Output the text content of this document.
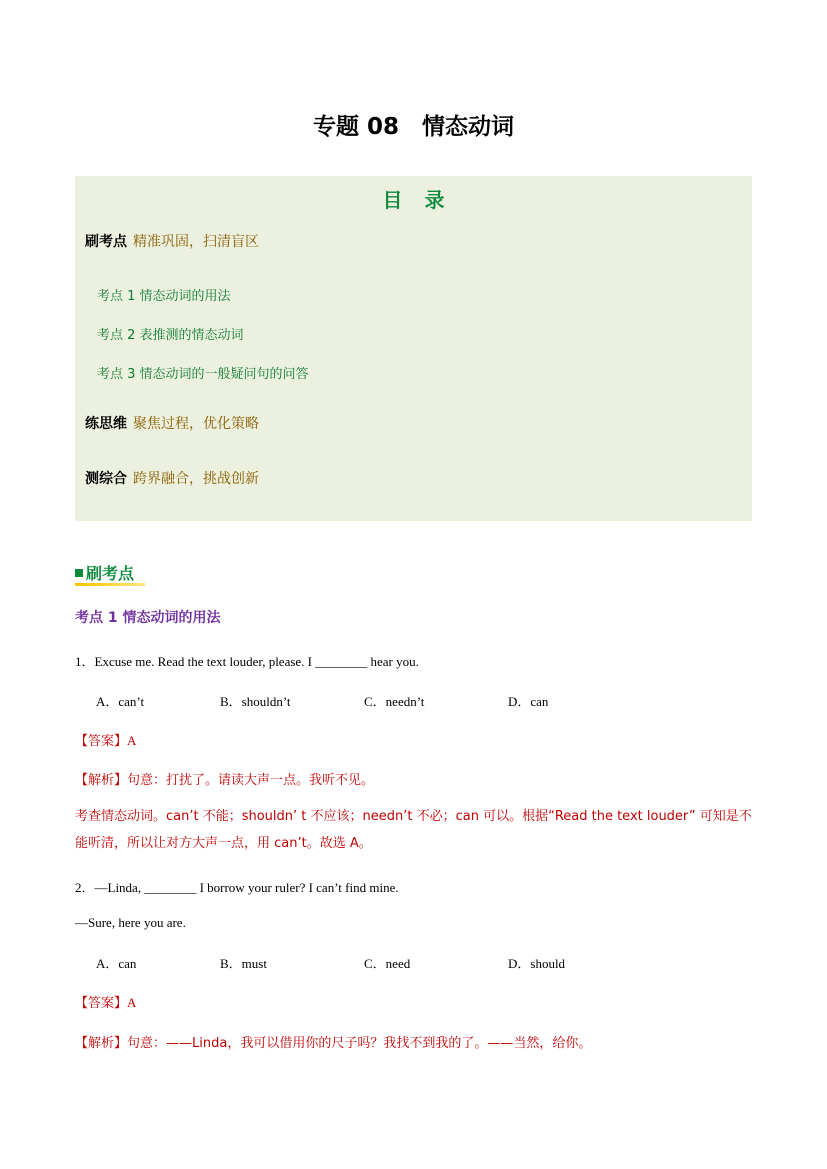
专题 08　情态动词
目录
刷考点 精准巩固，扫清盲区
考点 1 情态动词的用法
考点 2 表推测的情态动词
考点 3 情态动词的一般疑问句的问答
练思维 聚焦过程，优化策略
测综合 跨界融合，挑战创新
刷考点
考点 1 情态动词的用法
1．Excuse me. Read the text louder, please. I ________ hear you.
A．can’t	B．shouldn’t	C．needn’t	D．can
【答案】A
【解析】句意：打扰了。请读大声一点。我听不见。
考查情态动词。can’t 不能；shouldn’ t 不应该；needn’t 不必；can 可以。根据“Read the text louder” 可知是不能听清，所以让对方大声一点，用 can’t。故选 A。
2．—Linda, ________ I borrow your ruler? I can’t find mine.
—Sure, here you are.
A．can	B．must	C．need	D．should
【答案】A
【解析】句意：——Linda，我可以借用你的尺子吗？我找不到我的了。——当然，给你。
